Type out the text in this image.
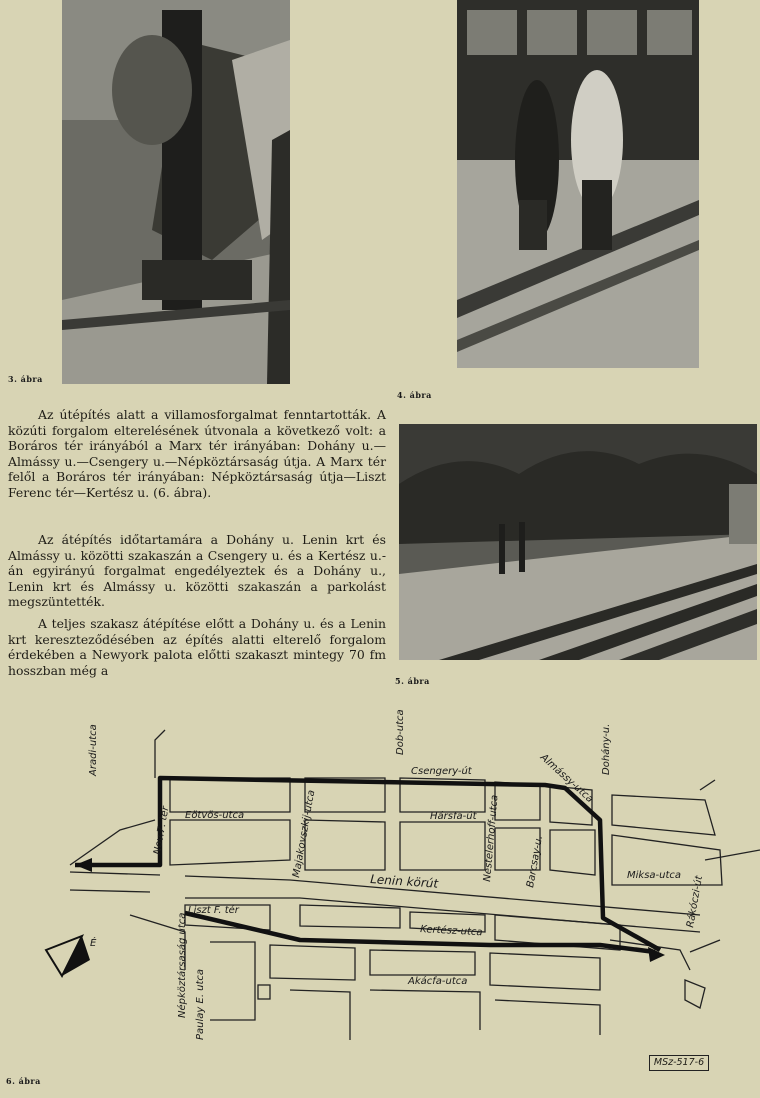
3. ábra
4. ábra
5. ábra

Az útépítés alatt a villamosforgalmat fenntartották. A közúti forgalom elterelésének útvonala a következő volt: a Boráros tér irányából a Marx tér irányában: Dohány u.—Almássy u.—Csengery u.—Népköztársaság útja. A Marx tér felől a Boráros tér irányában: Népköztársaság útja—Liszt Ferenc tér—Kertész u. (6. ábra).

Az átépítés időtartamára a Dohány u. Lenin krt és Almássy u. közötti szakaszán a Csengery u. és a Kertész u.-án egyirányú forgalmat engedélyeztek és a Dohány u., Lenin krt és Almássy u. közötti szakaszán a parkolást megszüntették.

A teljes szakasz átépítése előtt a Dohány u. és a Lenin krt kereszteződésében az építés alatti elterelő forgalom érdekében a Newyork palota előtti szakaszt mintegy 70 fm hosszban még a

Aradi-utca	Dob-utca	Dohány-u.
Almássy-utca
Csengery-út
Eötvös-utca	Hársfa-út
Majakovszkij-utca	Nestelerhoff-utca Barcsay-u.
Lenin körút
Nov.7. tér
Miksa-utca Rákóczi-út
Liszt F. tér
Kertész-utca
Népköztársaság utca	Akácfa-utca
Paulay E. utca
É
MSz-517-6
6. ábra
